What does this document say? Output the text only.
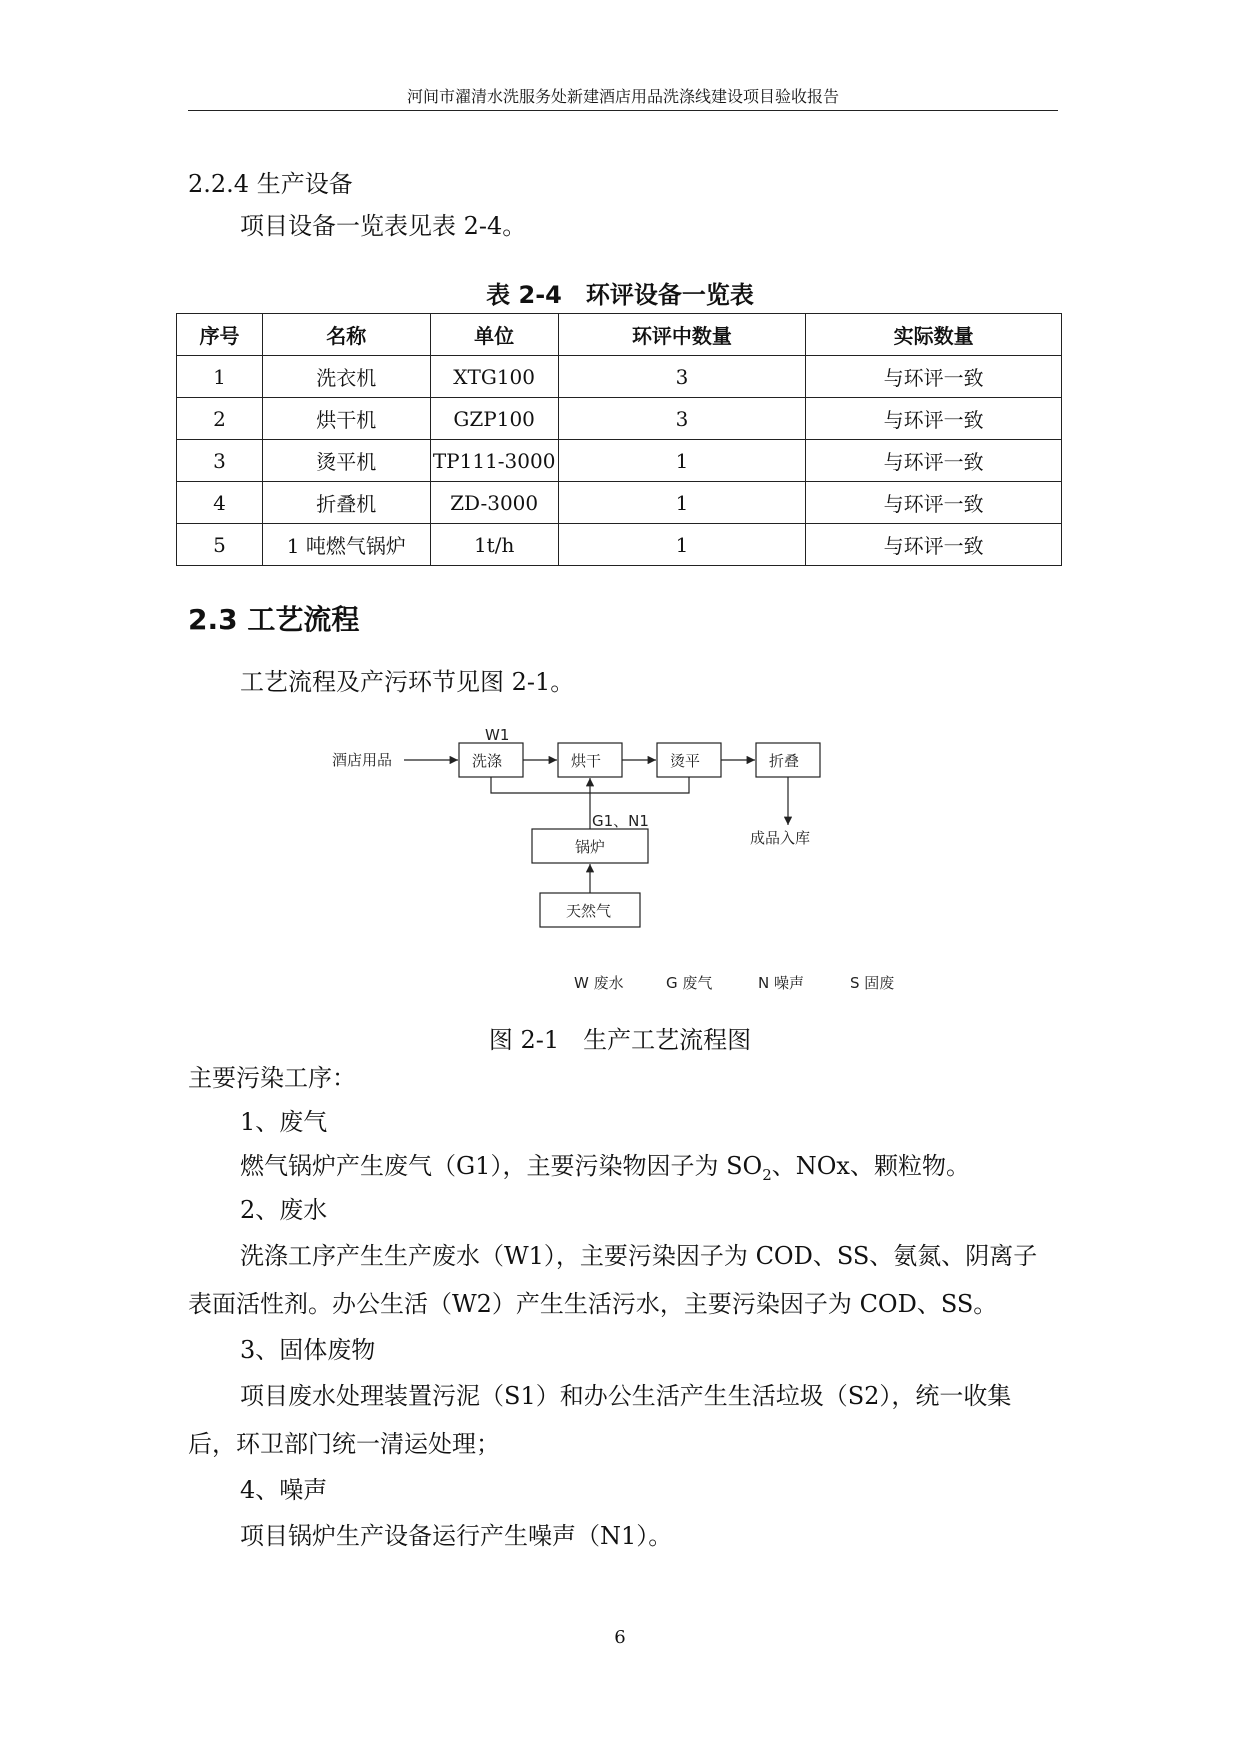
河间市濯清水洗服务处新建酒店用品洗涤线建设项目验收报告
2.2.4 生产设备
项目设备一览表见表 2-4。
表 2-4　环评设备一览表
序号	名称	单位	环评中数量	实际数量
1	洗衣机	XTG100	3	与环评一致
2	烘干机	GZP100	3	与环评一致
3	烫平机	TP111-3000	1	与环评一致
4	折叠机	ZD-3000	1	与环评一致
5	1 吨燃气锅炉	1t/h	1	与环评一致
2.3 工艺流程
工艺流程及产污环节见图 2-1。
酒店用品
W1
洗涤	烘干	烫平	折叠
成品入库
G1、N1
锅炉
天然气
W 废水	G 废气	N 噪声	S 固废
图 2-1　生产工艺流程图
主要污染工序：
1、废气
燃气锅炉产生废气（G1），主要污染物因子为 $SO_2$、NOx、颗粒物。
2、废水
洗涤工序产生生产废水（W1），主要污染因子为 COD、SS、氨氮、阴离子
表面活性剂。办公生活（W2）产生生活污水，主要污染因子为 COD、SS。
3、固体废物
项目废水处理装置污泥（S1）和办公生活产生生活垃圾（S2），统一收集
后，环卫部门统一清运处理；
4、噪声
项目锅炉生产设备运行产生噪声（N1）。
6
